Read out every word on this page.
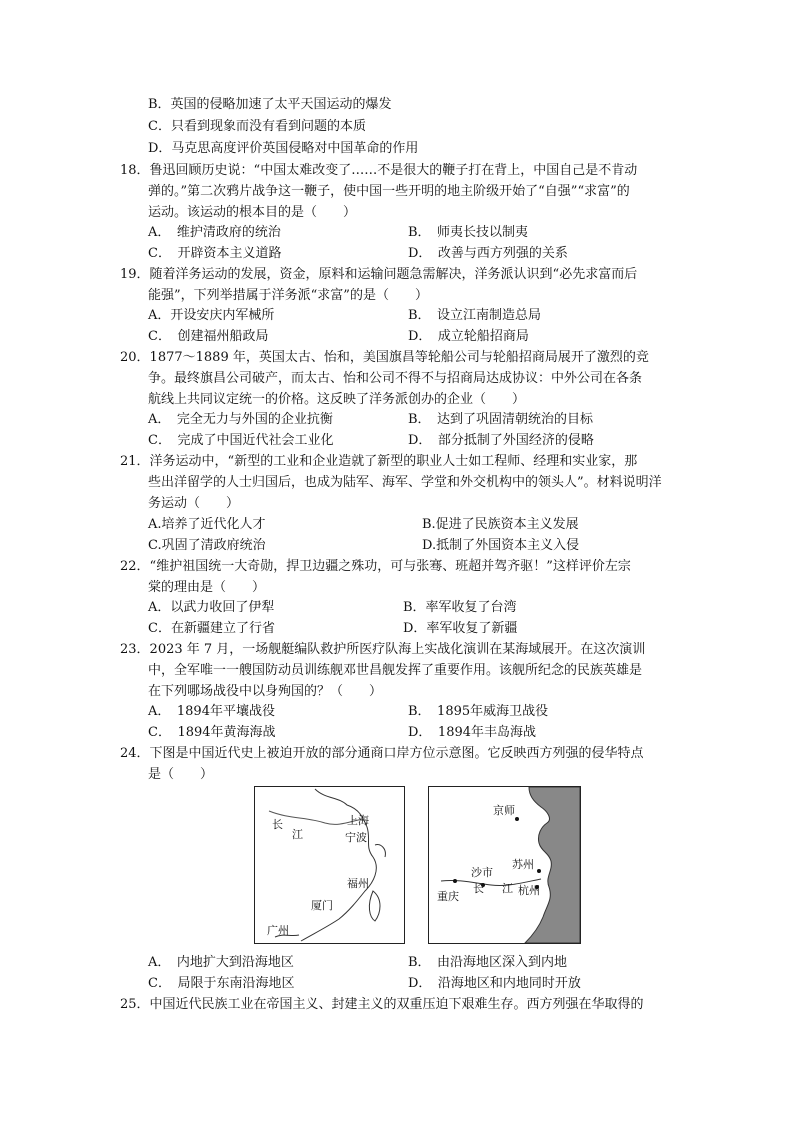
B．英国的侵略加速了太平天国运动的爆发
C．只看到现象而没有看到问题的本质
D．马克思高度评价英国侵略对中国革命的作用
18．鲁迅回顾历史说：“中国太难改变了……不是很大的鞭子打在背上，中国自己是不肯动
弹的。”第二次鸦片战争这一鞭子，使中国一些开明的地主阶级开始了“自强”“求富”的
运动。该运动的根本目的是（　　）
A．　维护清政府的统治	B．　师夷长技以制夷
C．　开辟资本主义道路	D．　改善与西方列强的关系
19．随着洋务运动的发展，资金，原料和运输问题急需解决，洋务派认识到“必先求富而后
能强”，下列举措属于洋务派“求富”的是（　　）
A．开设安庆内军械所	B．　设立江南制造总局
C．　创建福州船政局	D．　成立轮船招商局
20．1877～1889 年，英国太古、怡和，美国旗昌等轮船公司与轮船招商局展开了激烈的竞
争。最终旗昌公司破产，而太古、怡和公司不得不与招商局达成协议：中外公司在各条
航线上共同议定统一的价格。这反映了洋务派创办的企业（　　）
A．　完全无力与外国的企业抗衡	B．　达到了巩固清朝统治的目标
C．　完成了中国近代社会工业化	D．　部分抵制了外国经济的侵略
21．洋务运动中，“新型的工业和企业造就了新型的职业人士如工程师、经理和实业家，那
些出洋留学的人士归国后，也成为陆军、海军、学堂和外交机构中的领头人”。材料说明洋
务运动（　　）
A.培养了近代化人才	B.促进了民族资本主义发展
C.巩固了清政府统治	D.抵制了外国资本主义入侵
22．“维护祖国统一大奇勋，捍卫边疆之殊功，可与张骞、班超并驾齐驱！”这样评价左宗
棠的理由是（　　）
A．以武力收回了伊犁	B．率军收复了台湾
C．在新疆建立了行省	D．率军收复了新疆
23．2023 年 7 月，一场舰艇编队救护所医疗队海上实战化演训在某海域展开。在这次演训
中，全军唯一一艘国防动员训练舰邓世昌舰发挥了重要作用。该舰所纪念的民族英雄是
在下列哪场战役中以身殉国的？（　　）
A．　1894年平壤战役	B．　1895年威海卫战役
C．　1894年黄海海战	D．　1894年丰岛海战
24．下图是中国近代史上被迫开放的部分通商口岸方位示意图。它反映西方列强的侵华特点
是（　　）
长
江
上海
宁波
福州
厦门
广州
京师
苏州
沙市
长 江 杭州
重庆
A．　内地扩大到沿海地区	B．　由沿海地区深入到内地
C．　局限于东南沿海地区	D．　沿海地区和内地同时开放
25．中国近代民族工业在帝国主义、封建主义的双重压迫下艰难生存。西方列强在华取得的
